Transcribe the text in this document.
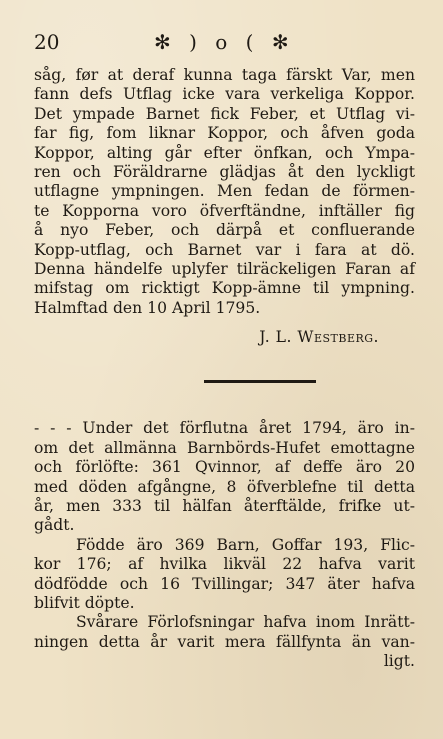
20	✻ ) o ( ✻
såg, før at deraf kunna taga färskt Var, men
fann defs Utflag icke vara verkeliga Koppor.
Det ympade Barnet fick Feber, et Utflag vi-
far fig, fom liknar Koppor, och åfven goda
Koppor, alting går efter önfkan, och Ympa-
ren och Föräldrarne glädjas åt den lyckligt
utflagne ympningen. Men fedan de förmen-
te Kopporna voro öfverftändne, inftäller fig
å nyo Feber, och därpå et confluerande
Kopp-utflag, och Barnet var i fara at dö.
Denna händelfe uplyfer tilräckeligen Faran af
mifstag om ricktigt Kopp-ämne til ympning.
Halmftad den 10 April 1795.
J. L. Westberg.
- - - Under det förflutna året 1794, äro in-
om det allmänna Barnbörds-Hufet emottagne
och förlöfte: 361 Qvinnor, af deffe äro 20
med döden afgångne, 8 öfverblefne til detta
år, men 333 til hälfan återftälde, frifke ut-
gådt.
Födde äro 369 Barn, Goffar 193, Flic-
kor 176; af hvilka likväl 22 hafva varit
dödfödde och 16 Tvillingar; 347 äter hafva
blifvit döpte.
Svårare Förlofsningar hafva inom Inrätt-
ningen detta år varit mera fällfynta än van-
ligt.
